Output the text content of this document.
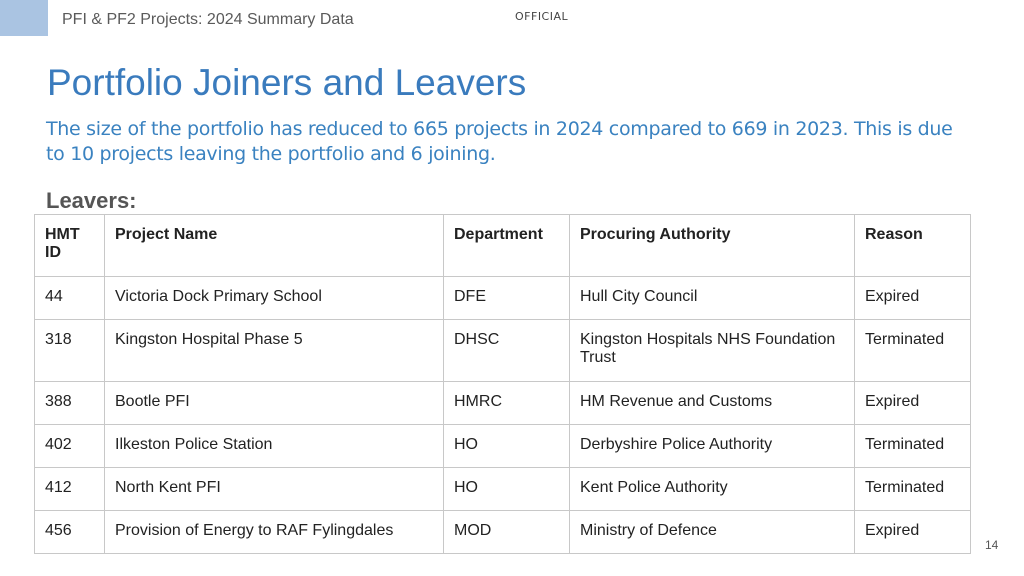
PFI & PF2 Projects: 2024 Summary Data	OFFICIAL
Portfolio Joiners and Leavers
The size of the portfolio has reduced to 665 projects in 2024 compared to 669 in 2023. This is due to 10 projects leaving the portfolio and 6 joining.
Leavers:
HMT ID	Project Name	Department	Procuring Authority	Reason
44	Victoria Dock Primary School	DFE	Hull City Council	Expired
318	Kingston Hospital Phase 5	DHSC	Kingston Hospitals NHS Foundation Trust	Terminated
388	Bootle PFI	HMRC	HM Revenue and Customs	Expired
402	Ilkeston Police Station	HO	Derbyshire Police Authority	Terminated
412	North Kent PFI	HO	Kent Police Authority	Terminated
456	Provision of Energy to RAF Fylingdales	MOD	Ministry of Defence	Expired
14
